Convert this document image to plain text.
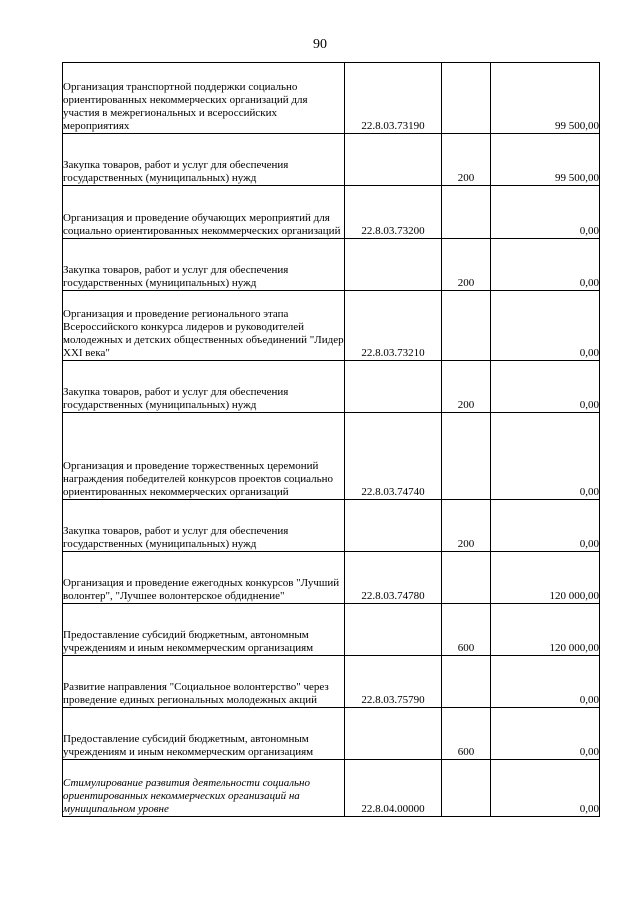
90
Организация транспортной поддержки социально ориентированных некоммерческих организаций для участия в межрегиональных и всероссийских мероприятиях	22.8.03.73190		99 500,00
Закупка товаров, работ и услуг для обеспечения государственных (муниципальных) нужд		200	99 500,00
Организация и проведение обучающих мероприятий для социально ориентированных некоммерческих организаций	22.8.03.73200		0,00
Закупка товаров, работ и услуг для обеспечения государственных (муниципальных) нужд		200	0,00
Организация и проведение регионального этапа Всероссийского конкурса лидеров и руководителей молодежных и детских общественных объединений "Лидер XXI века"	22.8.03.73210		0,00
Закупка товаров, работ и услуг для обеспечения государственных (муниципальных) нужд		200	0,00
Организация и проведение торжественных церемоний награждения победителей конкурсов проектов социально ориентированных некоммерческих организаций	22.8.03.74740		0,00
Закупка товаров, работ и услуг для обеспечения государственных (муниципальных) нужд		200	0,00
Организация и проведение ежегодных конкурсов "Лучший волонтер", "Лучшее волонтерское обдиднение"	22.8.03.74780		120 000,00
Предоставление субсидий бюджетным, автономным учреждениям и иным некоммерческим организациям		600	120 000,00
Развитие направления "Социальное волонтерство" через проведение единых региональных молодежных акций	22.8.03.75790		0,00
Предоставление субсидий бюджетным, автономным учреждениям и иным некоммерческим организациям		600	0,00
Стимулирование развития деятельности социально ориентированных некоммерческих организаций на муниципальном уровне	22.8.04.00000		0,00
